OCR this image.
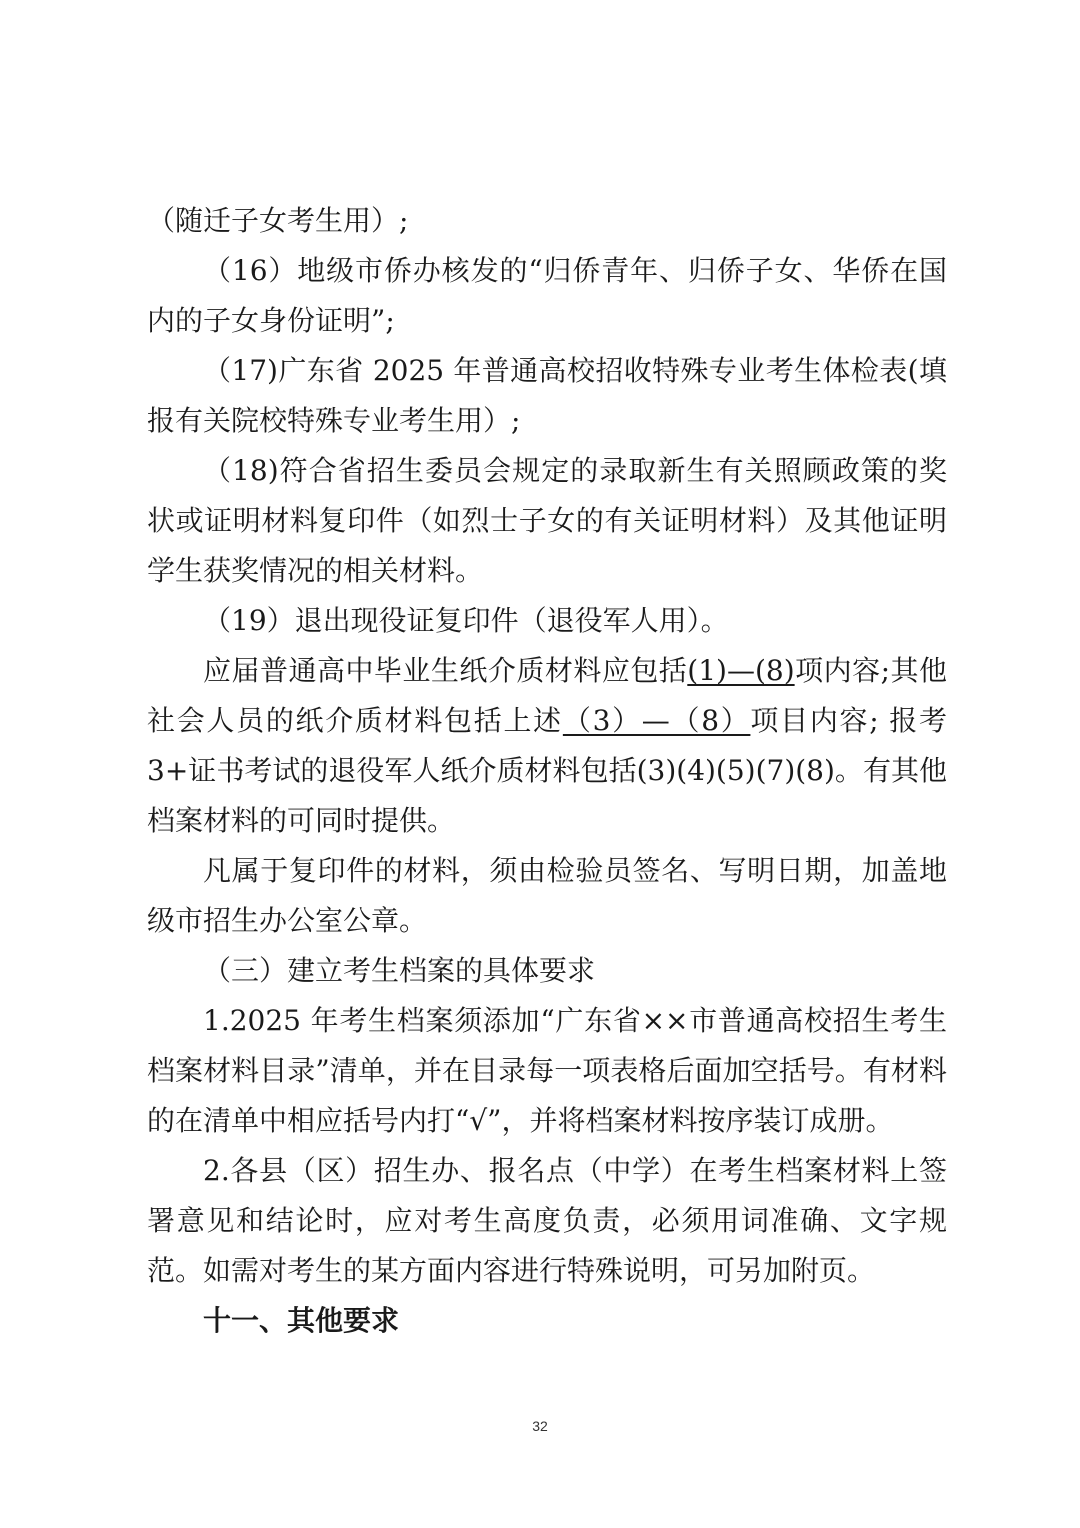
（随迁子女考生用）;

（16）地级市侨办核发的“归侨青年、归侨子女、华侨在国内的子女身份证明”;

（17)广东省 2025 年普通高校招收特殊专业考生体检表(填报有关院校特殊专业考生用）;

（18)符合省招生委员会规定的录取新生有关照顾政策的奖状或证明材料复印件（如烈士子女的有关证明材料）及其他证明学生获奖情况的相关材料。

（19）退出现役证复印件（退役军人用）。

应届普通高中毕业生纸介质材料应包括(1)—(8)项内容;其他社会人员的纸介质材料包括上述（3）—（8）项目内容; 报考 3+证书考试的退役军人纸介质材料包括(3)(4)(5)(7)(8)。有其他档案材料的可同时提供。

凡属于复印件的材料，须由检验员签名、写明日期，加盖地级市招生办公室公章。

（三）建立考生档案的具体要求

1.2025 年考生档案须添加“广东省××市普通高校招生考生档案材料目录”清单，并在目录每一项表格后面加空括号。有材料的在清单中相应括号内打“√”，并将档案材料按序装订成册。

2.各县（区）招生办、报名点（中学）在考生档案材料上签署意见和结论时，应对考生高度负责，必须用词准确、文字规范。如需对考生的某方面内容进行特殊说明，可另加附页。

十一、其他要求

32
